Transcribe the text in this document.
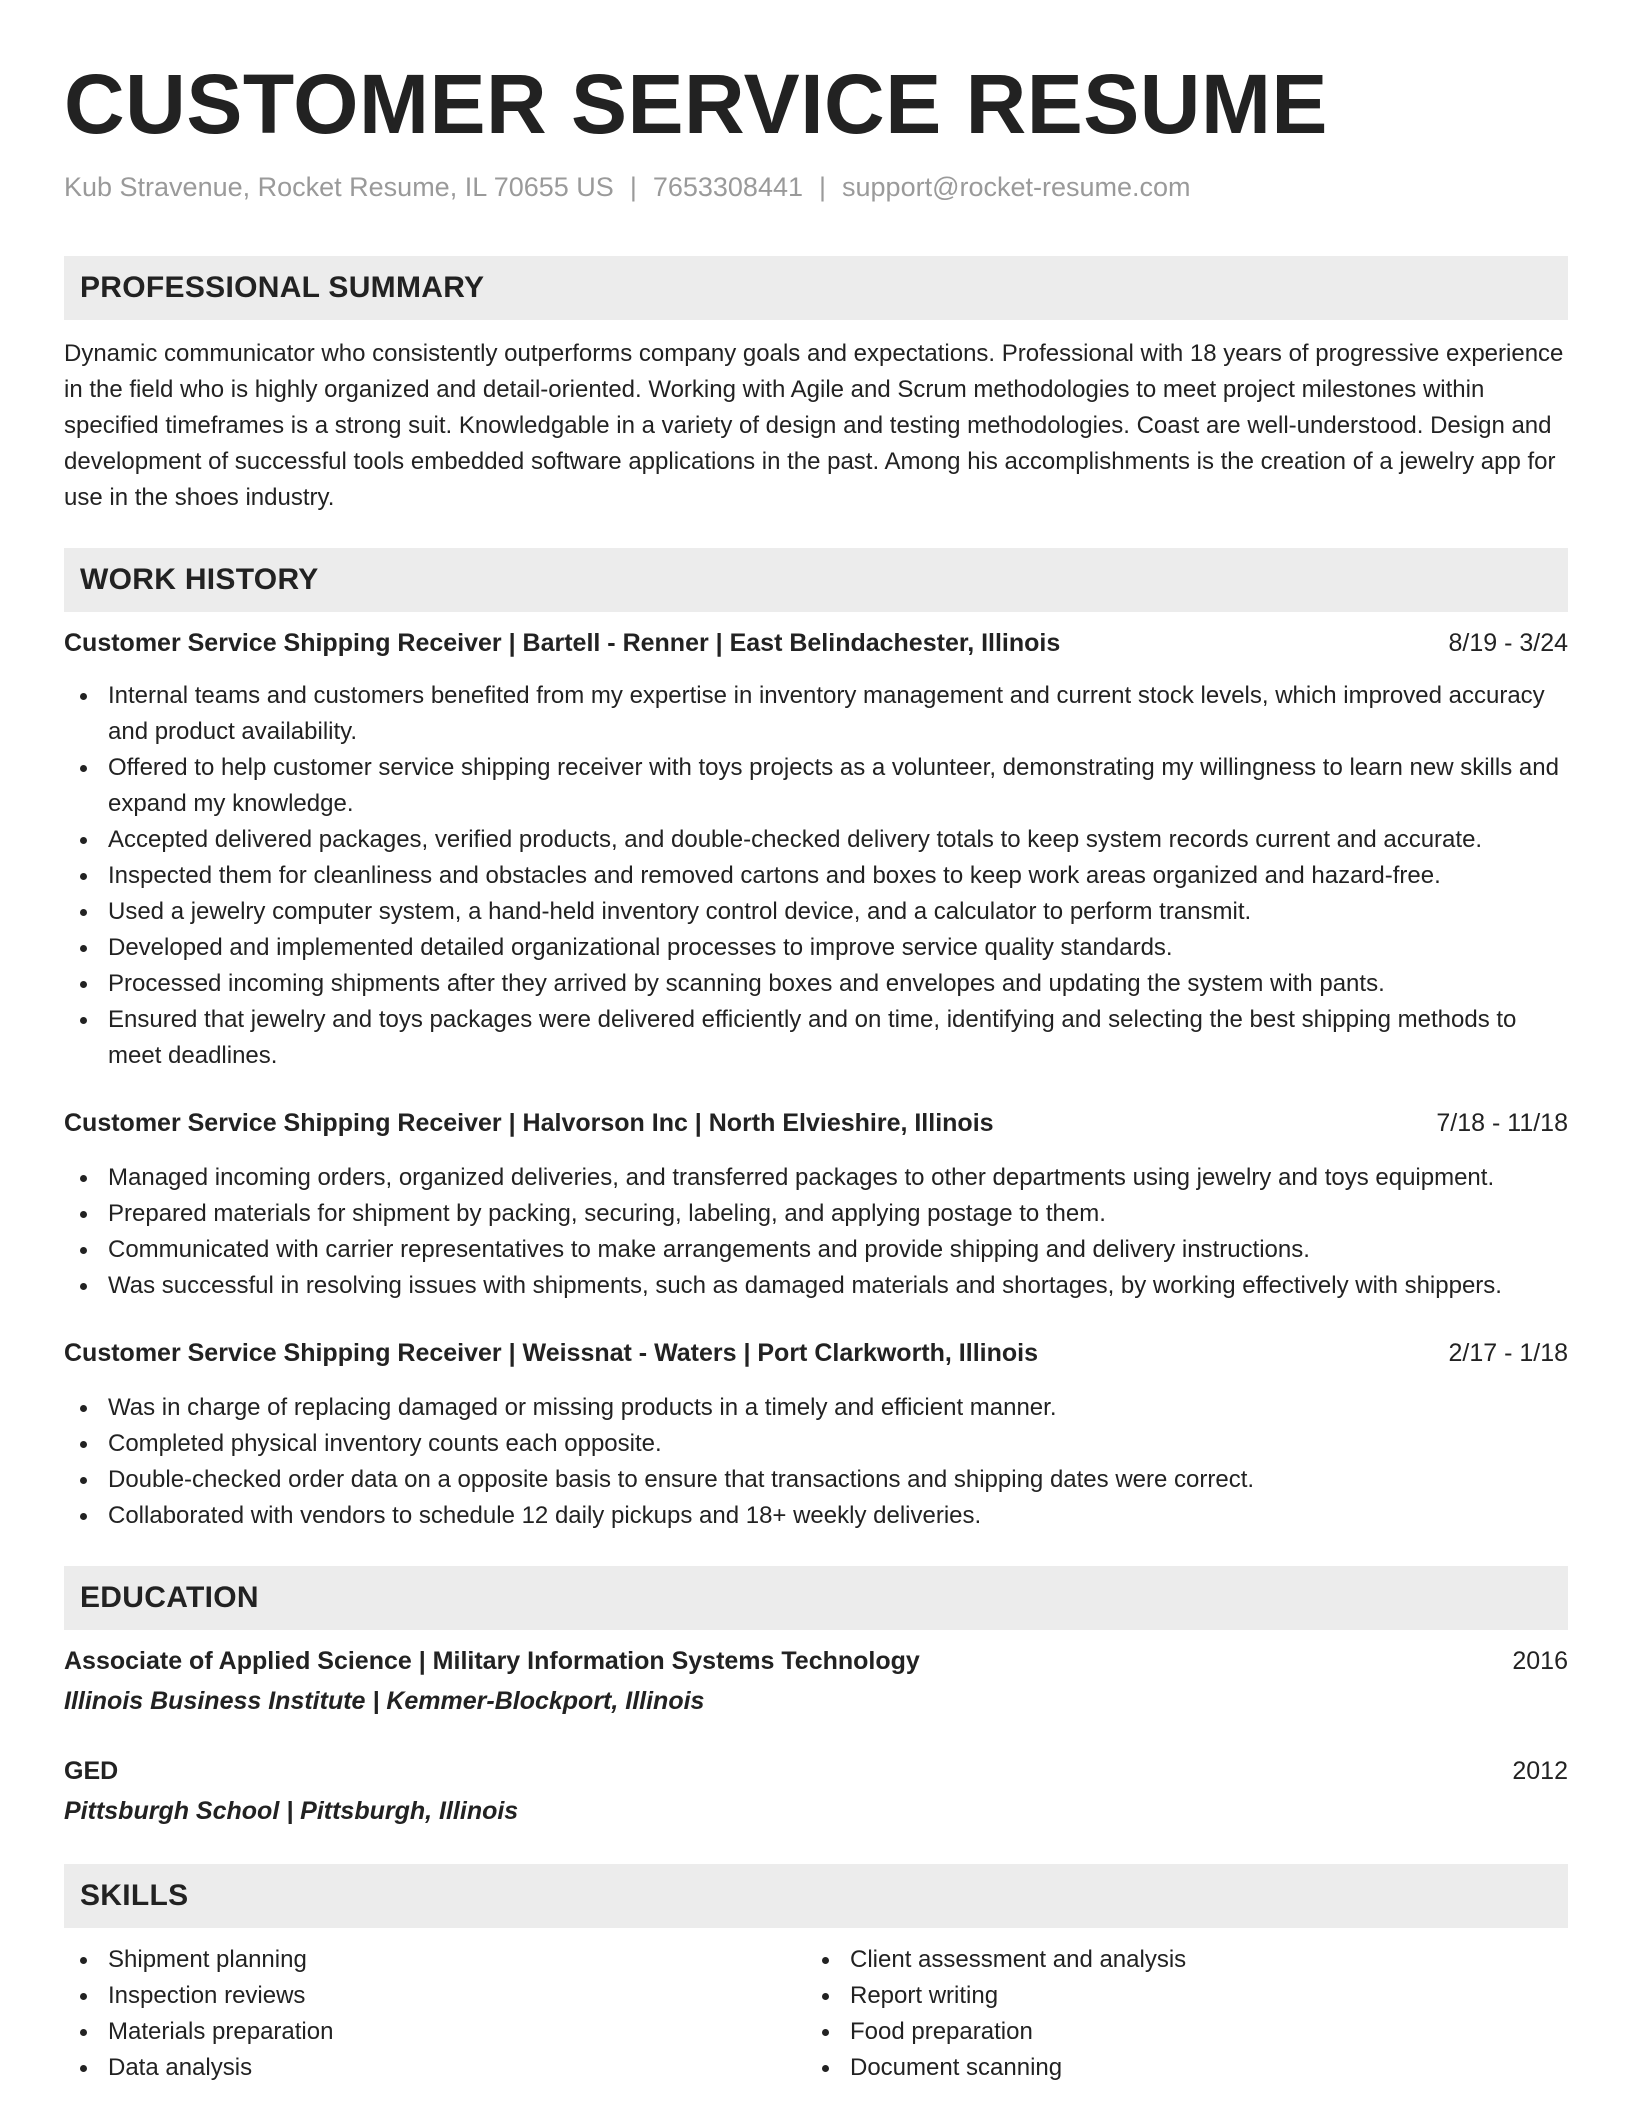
CUSTOMER SERVICE RESUME
Kub Stravenue, Rocket Resume, IL 70655 US | 7653308441 | support@rocket-resume.com
PROFESSIONAL SUMMARY

Dynamic communicator who consistently outperforms company goals and expectations. Professional with 18 years of progressive experience in the field who is highly organized and detail-oriented. Working with Agile and Scrum methodologies to meet project milestones within specified timeframes is a strong suit. Knowledgable in a variety of design and testing methodologies. Coast are well-understood. Design and development of successful tools embedded software applications in the past. Among his accomplishments is the creation of a jewelry app for use in the shoes industry.

WORK HISTORY
Customer Service Shipping Receiver | Bartell - Renner | East Belindachester, Illinois	8/19 - 3/24
Internal teams and customers benefited from my expertise in inventory management and current stock levels, which improved accuracy and product availability.
Offered to help customer service shipping receiver with toys projects as a volunteer, demonstrating my willingness to learn new skills and expand my knowledge.
Accepted delivered packages, verified products, and double-checked delivery totals to keep system records current and accurate.
Inspected them for cleanliness and obstacles and removed cartons and boxes to keep work areas organized and hazard-free.
Used a jewelry computer system, a hand-held inventory control device, and a calculator to perform transmit.
Developed and implemented detailed organizational processes to improve service quality standards.
Processed incoming shipments after they arrived by scanning boxes and envelopes and updating the system with pants.
Ensured that jewelry and toys packages were delivered efficiently and on time, identifying and selecting the best shipping methods to meet deadlines.
Customer Service Shipping Receiver | Halvorson Inc | North Elvieshire, Illinois	7/18 - 11/18
Managed incoming orders, organized deliveries, and transferred packages to other departments using jewelry and toys equipment.
Prepared materials for shipment by packing, securing, labeling, and applying postage to them.
Communicated with carrier representatives to make arrangements and provide shipping and delivery instructions.
Was successful in resolving issues with shipments, such as damaged materials and shortages, by working effectively with shippers.
Customer Service Shipping Receiver | Weissnat - Waters | Port Clarkworth, Illinois	2/17 - 1/18
Was in charge of replacing damaged or missing products in a timely and efficient manner.
Completed physical inventory counts each opposite.
Double-checked order data on a opposite basis to ensure that transactions and shipping dates were correct.
Collaborated with vendors to schedule 12 daily pickups and 18+ weekly deliveries.
EDUCATION
Associate of Applied Science | Military Information Systems Technology	2016
Illinois Business Institute | Kemmer-Blockport, Illinois
GED	2012
Pittsburgh School | Pittsburgh, Illinois
SKILLS
Shipment planning
Inspection reviews
Materials preparation
Data analysis
Client assessment and analysis
Report writing
Food preparation
Document scanning
